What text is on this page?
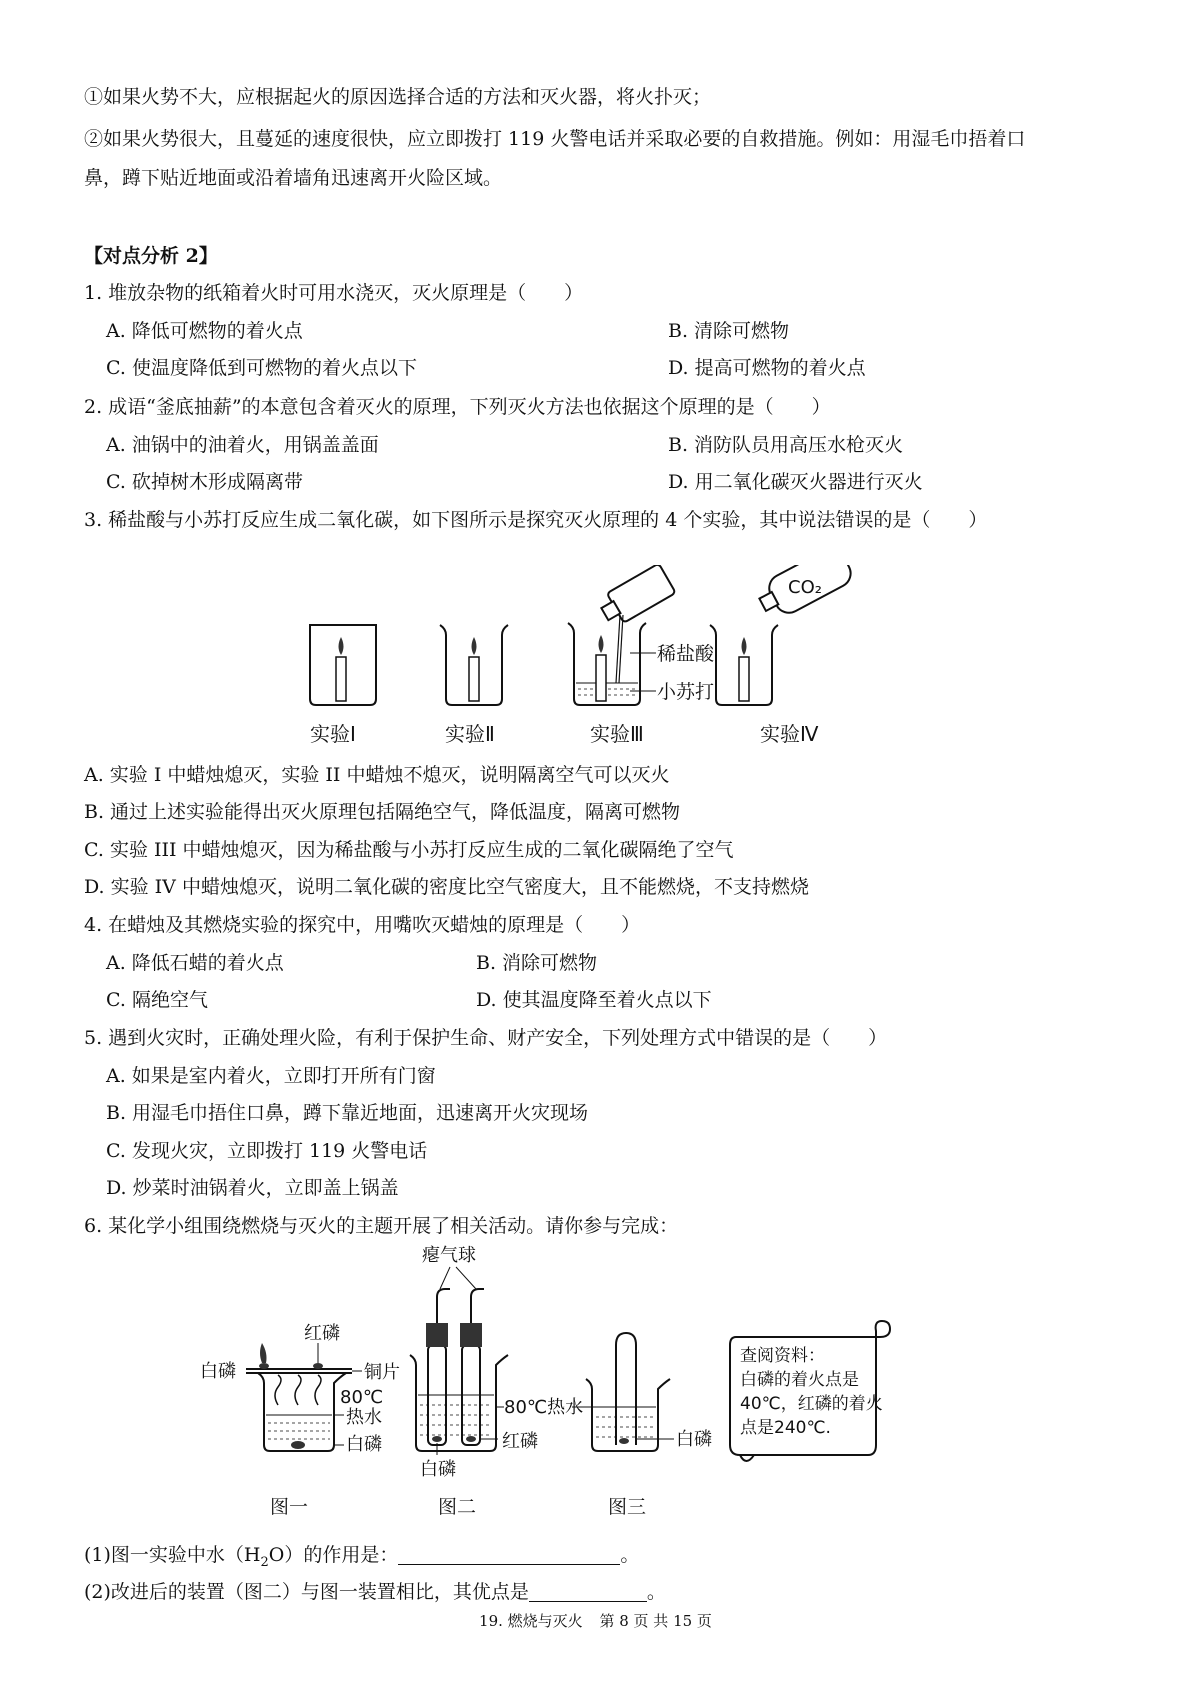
①如果火势不大，应根据起火的原因选择合适的方法和灭火器，将火扑灭；
②如果火势很大，且蔓延的速度很快，应立即拨打 119 火警电话并采取必要的自救措施。例如：用湿毛巾捂着口
鼻，蹲下贴近地面或沿着墙角迅速离开火险区域。
【对点分析 2】
1. 堆放杂物的纸箱着火时可用水浇灭，灭火原理是（　　）
A. 降低可燃物的着火点	B. 清除可燃物
C. 使温度降低到可燃物的着火点以下	D. 提高可燃物的着火点
2. 成语“釜底抽薪”的本意包含着灭火的原理，下列灭火方法也依据这个原理的是（　　）
A. 油锅中的油着火，用锅盖盖面	B. 消防队员用高压水枪灭火
C. 砍掉树木形成隔离带	D. 用二氧化碳灭火器进行灭火
3. 稀盐酸与小苏打反应生成二氧化碳，如下图所示是探究灭火原理的 4 个实验，其中说法错误的是（　　）
稀盐酸
小苏打
CO₂
实验Ⅰ	实验Ⅱ	实验Ⅲ	实验Ⅳ
A. 实验 I 中蜡烛熄灭，实验 II 中蜡烛不熄灭，说明隔离空气可以灭火
B. 通过上述实验能得出灭火原理包括隔绝空气，降低温度，隔离可燃物
C. 实验 III 中蜡烛熄灭，因为稀盐酸与小苏打反应生成的二氧化碳隔绝了空气
D. 实验 IV 中蜡烛熄灭，说明二氧化碳的密度比空气密度大，且不能燃烧，不支持燃烧
4. 在蜡烛及其燃烧实验的探究中，用嘴吹灭蜡烛的原理是（　　）
A. 降低石蜡的着火点	B. 消除可燃物
C. 隔绝空气	D. 使其温度降至着火点以下
5. 遇到火灾时，正确处理火险，有利于保护生命、财产安全，下列处理方式中错误的是（　　）
A. 如果是室内着火，立即打开所有门窗
B. 用湿毛巾捂住口鼻，蹲下靠近地面，迅速离开火灾现场
C. 发现火灾，立即拨打 119 火警电话
D. 炒菜时油锅着火，立即盖上锅盖
6. 某化学小组围绕燃烧与灭火的主题开展了相关活动。请你参与完成：
白磷
红磷
铜片
80℃
热水
白磷
图一
瘪气球
80℃热水
红磷
白磷
图二
白磷
图三
查阅资料：
白磷的着火点是
40℃，红磷的着火
点是240℃.
(1)图一实验中水$(H_2O)$的作用是：	。
(2)改进后的装置（图二）与图一装置相比，其优点是	。
19. 燃烧与灭火 第 8 页 共 15 页
